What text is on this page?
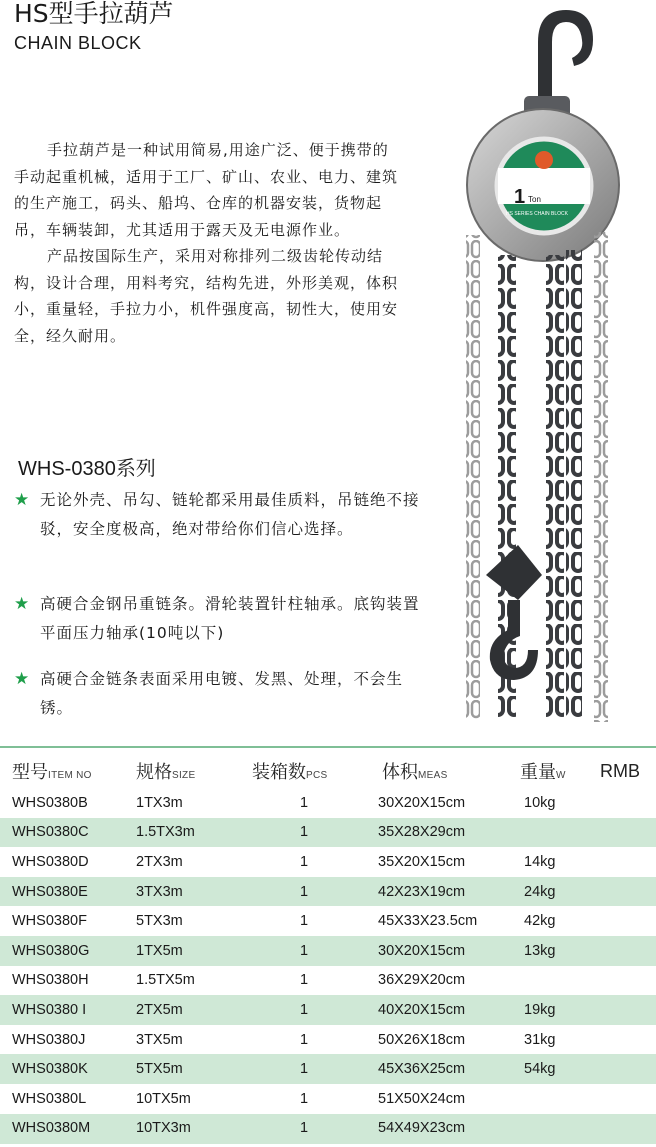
HS型手拉葫芦
CHAIN BLOCK

手拉葫芦是一种试用简易,用途广泛、便于携带的手动起重机械，适用于工厂、矿山、农业、电力、建筑的生产施工，码头、船坞、仓库的机器安装，货物起吊，车辆装卸，尤其适用于露天及无电源作业。

产品按国际生产，采用对称排列二级齿轮传动结构，设计合理，用料考究，结构先进，外形美观，体积小，重量轻，手拉力小，机件强度高，韧性大，使用安全，经久耐用。

WHS-0380系列
★ 无论外壳、吊勾、链轮都采用最佳质料，吊链绝不接驳，安全度极高，绝对带给你们信心选择。
★ 高硬合金钢吊重链条。滑轮装置针柱轴承。底钩装置平面压力轴承(10吨以下)
★ 高硬合金链条表面采用电镀、发黑、处理，不会生锈。
1 Ton
HS SERIES CHAIN BLOCK
型号ITEM NO	规格SIZE	装箱数PCS	体积MEAS	重量W	RMB
WHS0380B	1TX3m	1	30X20X15cm	10kg	
WHS0380C	1.5TX3m	1	35X28X29cm		
WHS0380D	2TX3m	1	35X20X15cm	14kg	
WHS0380E	3TX3m	1	42X23X19cm	24kg	
WHS0380F	5TX3m	1	45X33X23.5cm	42kg	
WHS0380G	1TX5m	1	30X20X15cm	13kg	
WHS0380H	1.5TX5m	1	36X29X20cm		
WHS0380 I	2TX5m	1	40X20X15cm	19kg	
WHS0380J	3TX5m	1	50X26X18cm	31kg	
WHS0380K	5TX5m	1	45X36X25cm	54kg	
WHS0380L	10TX5m	1	51X50X24cm		
WHS0380M	10TX3m	1	54X49X23cm		
